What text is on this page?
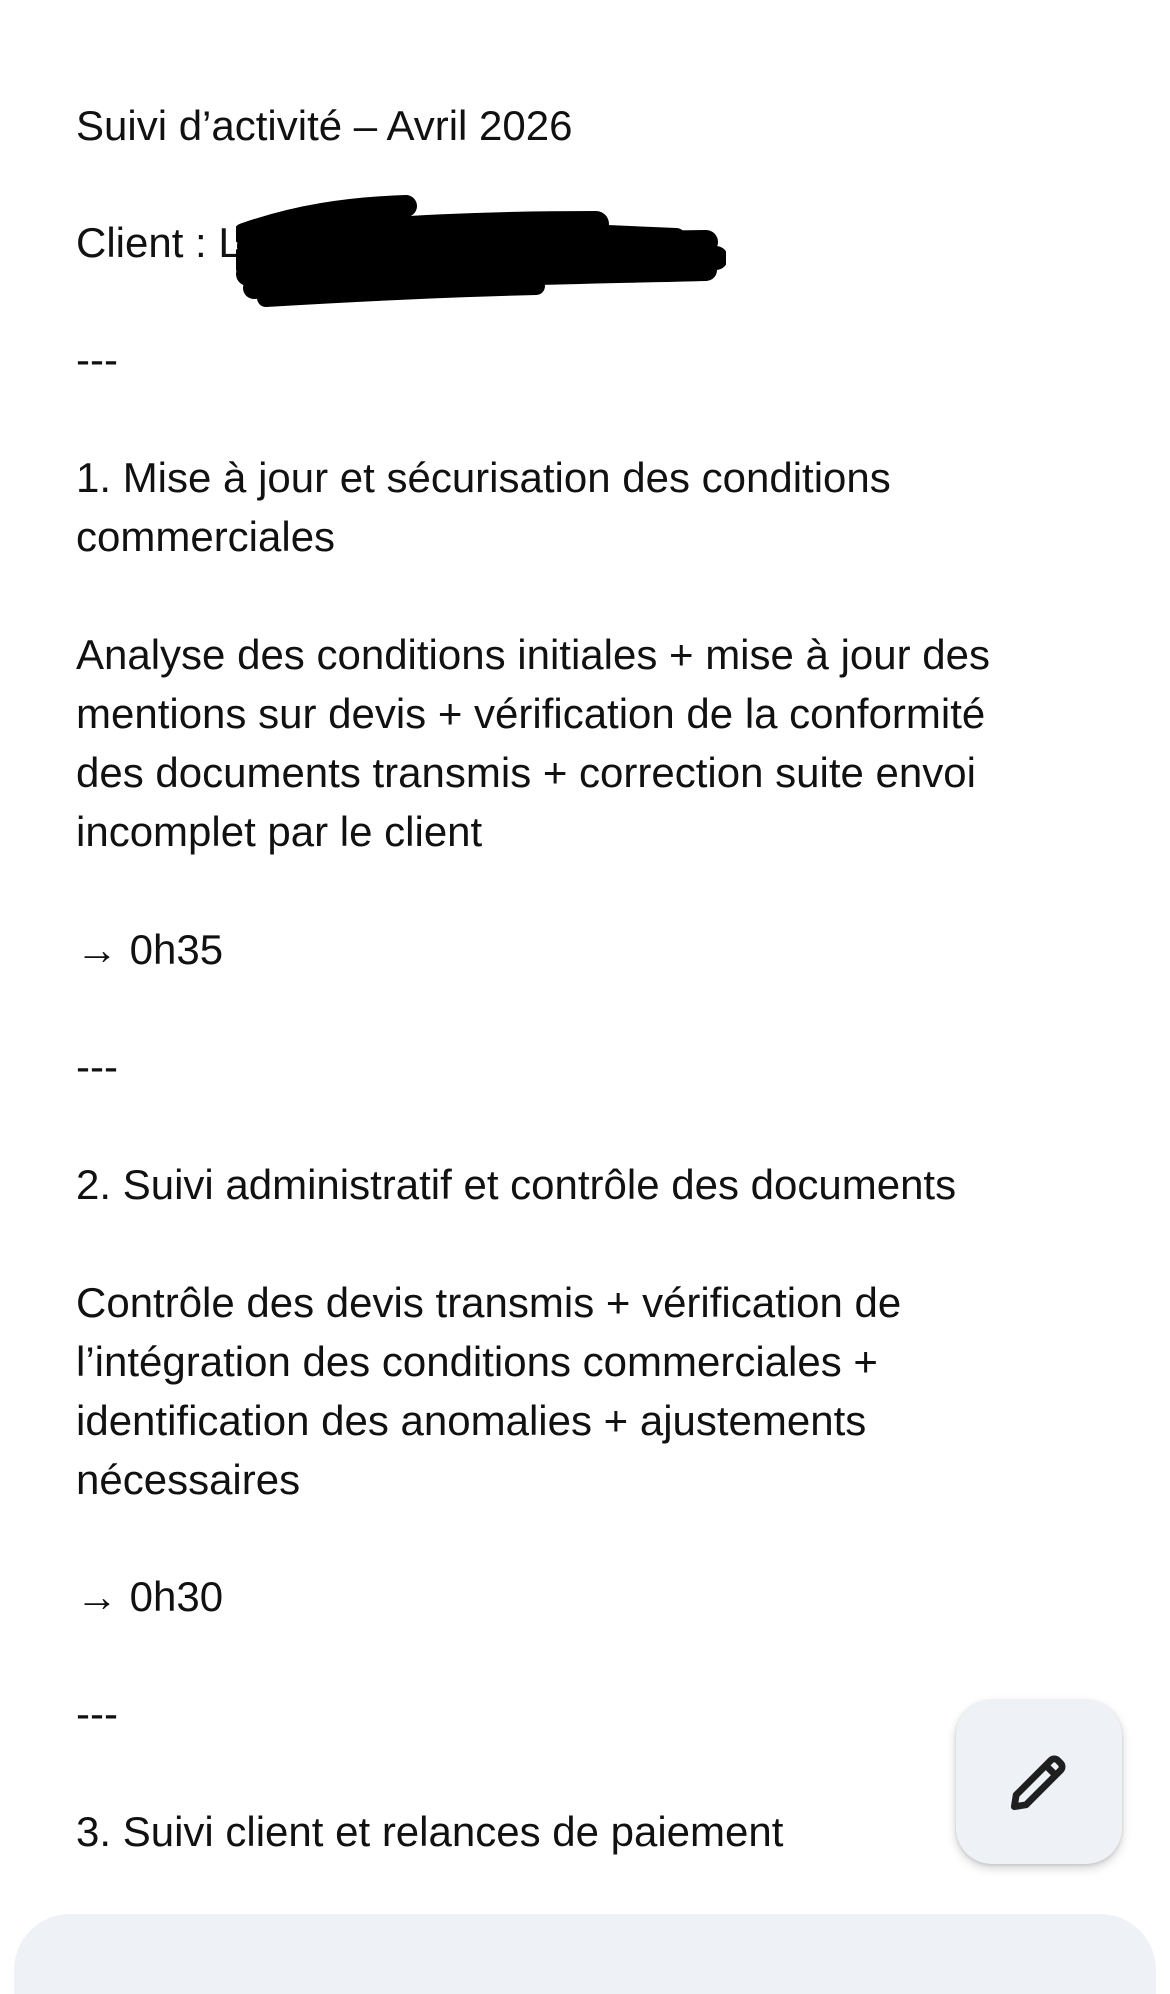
Suivi d’activité – Avril 2026
Client : L
---
1. Mise à jour et sécurisation des conditions
commerciales
Analyse des conditions initiales + mise à jour des
mentions sur devis + vérification de la conformité
des documents transmis + correction suite envoi
incomplet par le client
→ 0h35
---
2. Suivi administratif et contrôle des documents
Contrôle des devis transmis + vérification de
l’intégration des conditions commerciales +
identification des anomalies + ajustements
nécessaires
→ 0h30
---
3. Suivi client et relances de paiement
